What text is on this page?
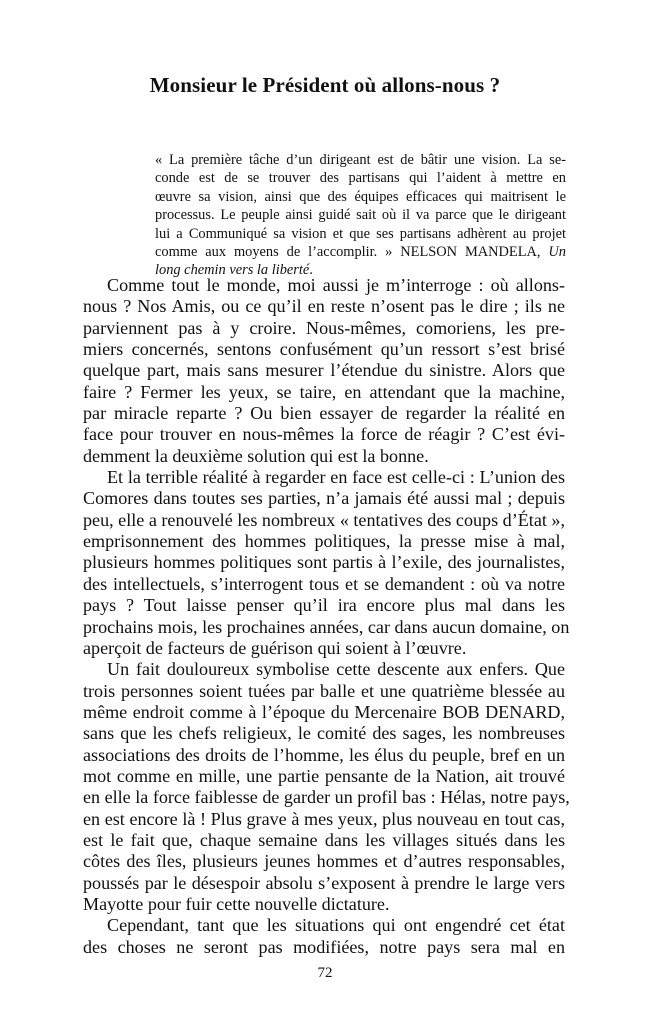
Monsieur le Président où allons-nous ?
« La première tâche d’un dirigeant est de bâtir une vision. La se-
conde est de se trouver des partisans qui l’aident à mettre en
œuvre sa vision, ainsi que des équipes efficaces qui maitrisent le
processus. Le peuple ainsi guidé sait où il va parce que le dirigeant
lui a Communiqué sa vision et que ses partisans adhèrent au projet
comme aux moyens de l’accomplir. » NELSON MANDELA, Un
long chemin vers la liberté.
Comme tout le monde, moi aussi je m’interroge : où allons-
nous ? Nos Amis, ou ce qu’il en reste n’osent pas le dire ; ils ne
parviennent pas à y croire. Nous-mêmes, comoriens, les pre-
miers concernés, sentons confusément qu’un ressort s’est brisé
quelque part, mais sans mesurer l’étendue du sinistre. Alors que
faire ? Fermer les yeux, se taire, en attendant que la machine,
par miracle reparte ? Ou bien essayer de regarder la réalité en
face pour trouver en nous-mêmes la force de réagir ? C’est évi-
demment la deuxième solution qui est la bonne.
Et la terrible réalité à regarder en face est celle-ci : L’union des
Comores dans toutes ses parties, n’a jamais été aussi mal ; depuis
peu, elle a renouvelé les nombreux « tentatives des coups d’État »,
emprisonnement des hommes politiques, la presse mise à mal,
plusieurs hommes politiques sont partis à l’exile, des journalistes,
des intellectuels, s’interrogent tous et se demandent : où va notre
pays ? Tout laisse penser qu’il ira encore plus mal dans les
prochains mois, les prochaines années, car dans aucun domaine, on
aperçoit de facteurs de guérison qui soient à l’œuvre.
Un fait douloureux symbolise cette descente aux enfers. Que
trois personnes soient tuées par balle et une quatrième blessée au
même endroit comme à l’époque du Mercenaire BOB DENARD,
sans que les chefs religieux, le comité des sages, les nombreuses
associations des droits de l’homme, les élus du peuple, bref en un
mot comme en mille, une partie pensante de la Nation, ait trouvé
en elle la force faiblesse de garder un profil bas : Hélas, notre pays,
en est encore là ! Plus grave à mes yeux, plus nouveau en tout cas,
est le fait que, chaque semaine dans les villages situés dans les
côtes des îles, plusieurs jeunes hommes et d’autres responsables,
poussés par le désespoir absolu s’exposent à prendre le large vers
Mayotte pour fuir cette nouvelle dictature.
Cependant, tant que les situations qui ont engendré cet état
des choses ne seront pas modifiées, notre pays sera mal en
72
